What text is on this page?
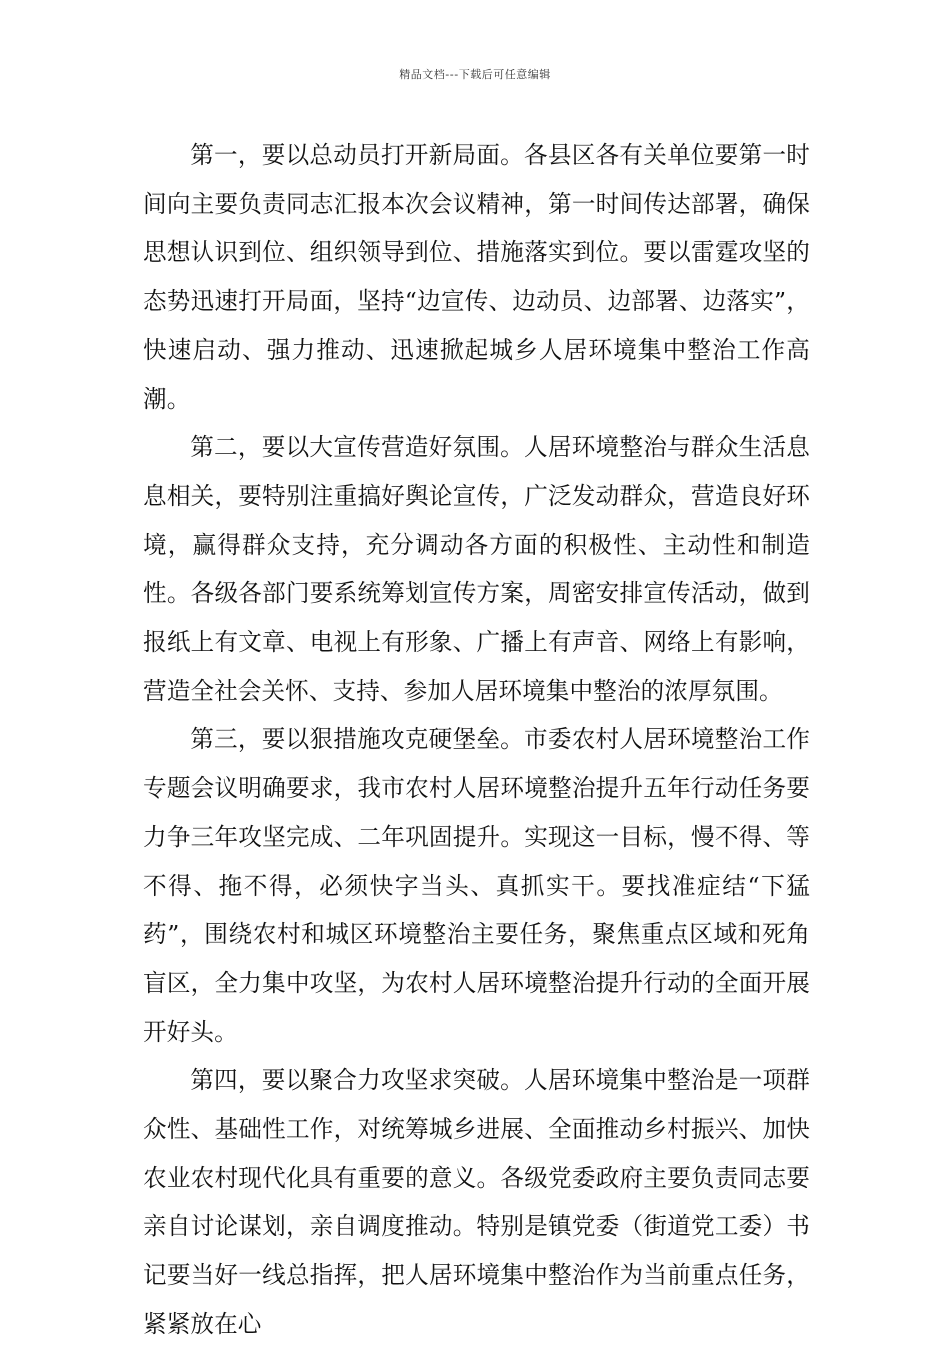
精品文档---下载后可任意编辑

第一，要以总动员打开新局面。各县区各有关单位要第一时间向主要负责同志汇报本次会议精神，第一时间传达部署，确保思想认识到位、组织领导到位、措施落实到位。要以雷霆攻坚的态势迅速打开局面，坚持“边宣传、边动员、边部署、边落实”，快速启动、强力推动、迅速掀起城乡人居环境集中整治工作高潮。

第二，要以大宣传营造好氛围。人居环境整治与群众生活息息相关，要特别注重搞好舆论宣传，广泛发动群众，营造良好环境，赢得群众支持，充分调动各方面的积极性、主动性和制造性。各级各部门要系统筹划宣传方案，周密安排宣传活动，做到报纸上有文章、电视上有形象、广播上有声音、网络上有影响，营造全社会关怀、支持、参加人居环境集中整治的浓厚氛围。

第三，要以狠措施攻克硬堡垒。市委农村人居环境整治工作专题会议明确要求，我市农村人居环境整治提升五年行动任务要力争三年攻坚完成、二年巩固提升。实现这一目标，慢不得、等不得、拖不得，必须快字当头、真抓实干。要找准症结“下猛药”，围绕农村和城区环境整治主要任务，聚焦重点区域和死角盲区，全力集中攻坚，为农村人居环境整治提升行动的全面开展开好头。

第四，要以聚合力攻坚求突破。人居环境集中整治是一项群众性、基础性工作，对统筹城乡进展、全面推动乡村振兴、加快农业农村现代化具有重要的意义。各级党委政府主要负责同志要亲自讨论谋划，亲自调度推动。特别是镇党委（街道党工委）书记要当好一线总指挥，把人居环境集中整治作为当前重点任务，紧紧放在心
